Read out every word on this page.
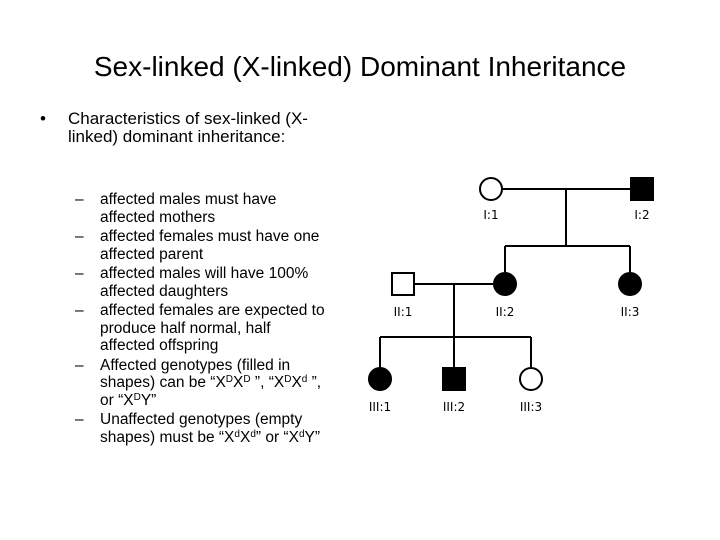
Sex-linked (X-linked) Dominant Inheritance
• Characteristics of sex-linked (X-linked) dominant inheritance:
– affected males must have affected mothers
– affected females must have one affected parent
– affected males will have 100% affected daughters
– affected females are expected to produce half normal, half affected offspring
– Affected genotypes (filled in shapes) can be “$X^DX^D$ ”, “$X^DX^d$ ”, or “$X^DY$”
– Unaffected genotypes (empty shapes) must be “$X^dX^d$” or “$X^dY$”
I:1	I:2
II:1	II:2	II:3
III:1	III:2	III:3
